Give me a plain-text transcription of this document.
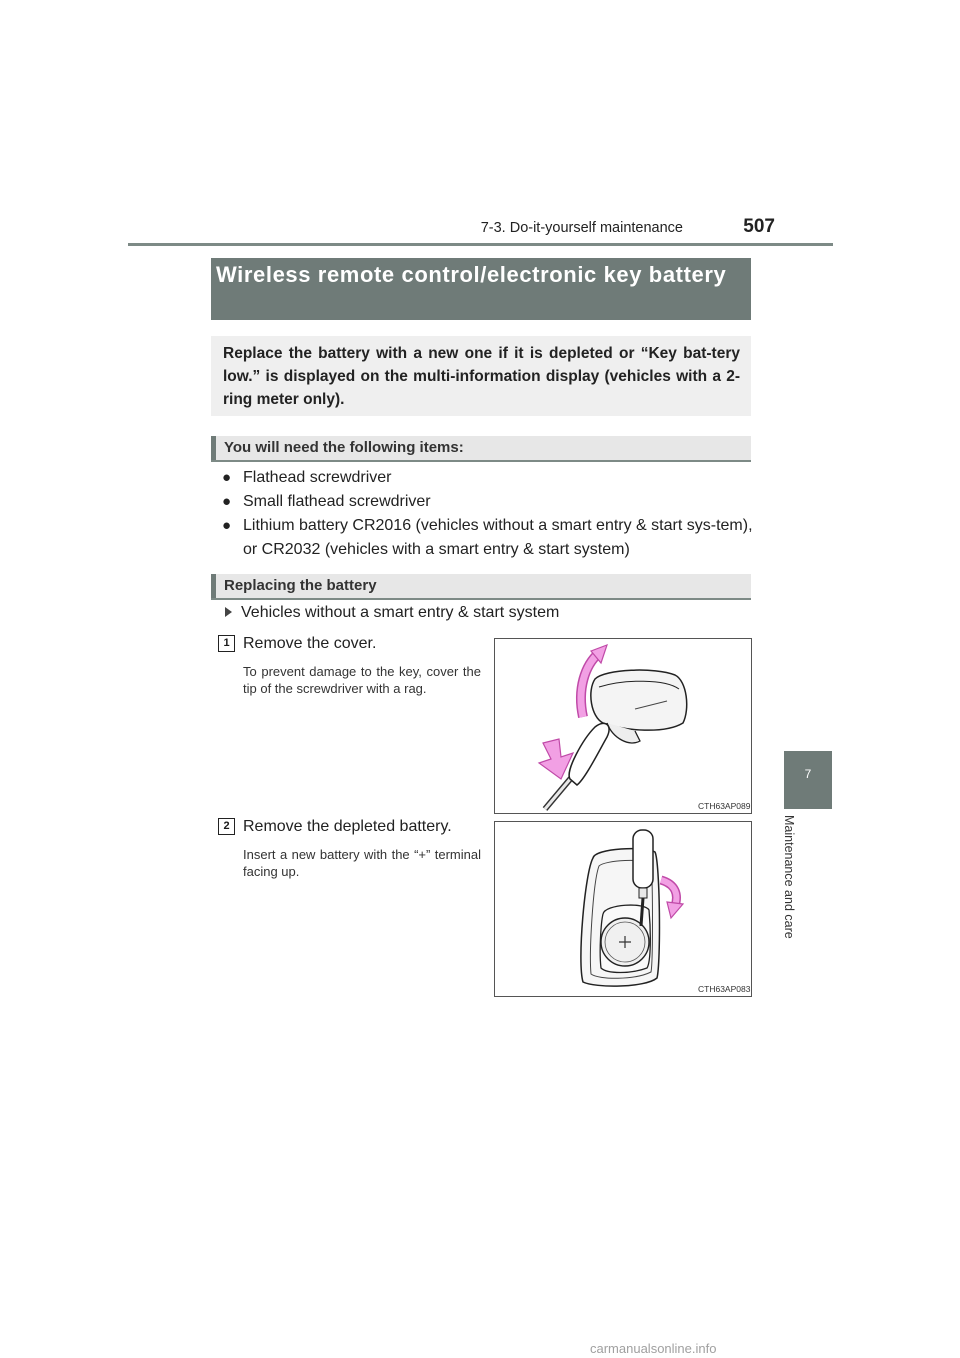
7-3. Do-it-yourself maintenance	507
7
Maintenance and care
Wireless remote control/electronic key battery

Replace the battery with a new one if it is depleted or “Key bat-tery low.” is displayed on the multi-information display (vehicles with a 2-ring meter only).

You will need the following items:
● Flathead screwdriver
● Small flathead screwdriver
● Lithium battery CR2016 (vehicles without a smart entry & start sys-tem), or CR2032 (vehicles with a smart entry & start system)
Replacing the battery
Vehicles without a smart entry & start system
1 Remove the cover.
To prevent damage to the key, cover the tip of the screwdriver with a rag.
CTH63AP089
2 Remove the depleted battery.
Insert a new battery with the “+” terminal facing up.
CTH63AP083
carmanualsonline.info
